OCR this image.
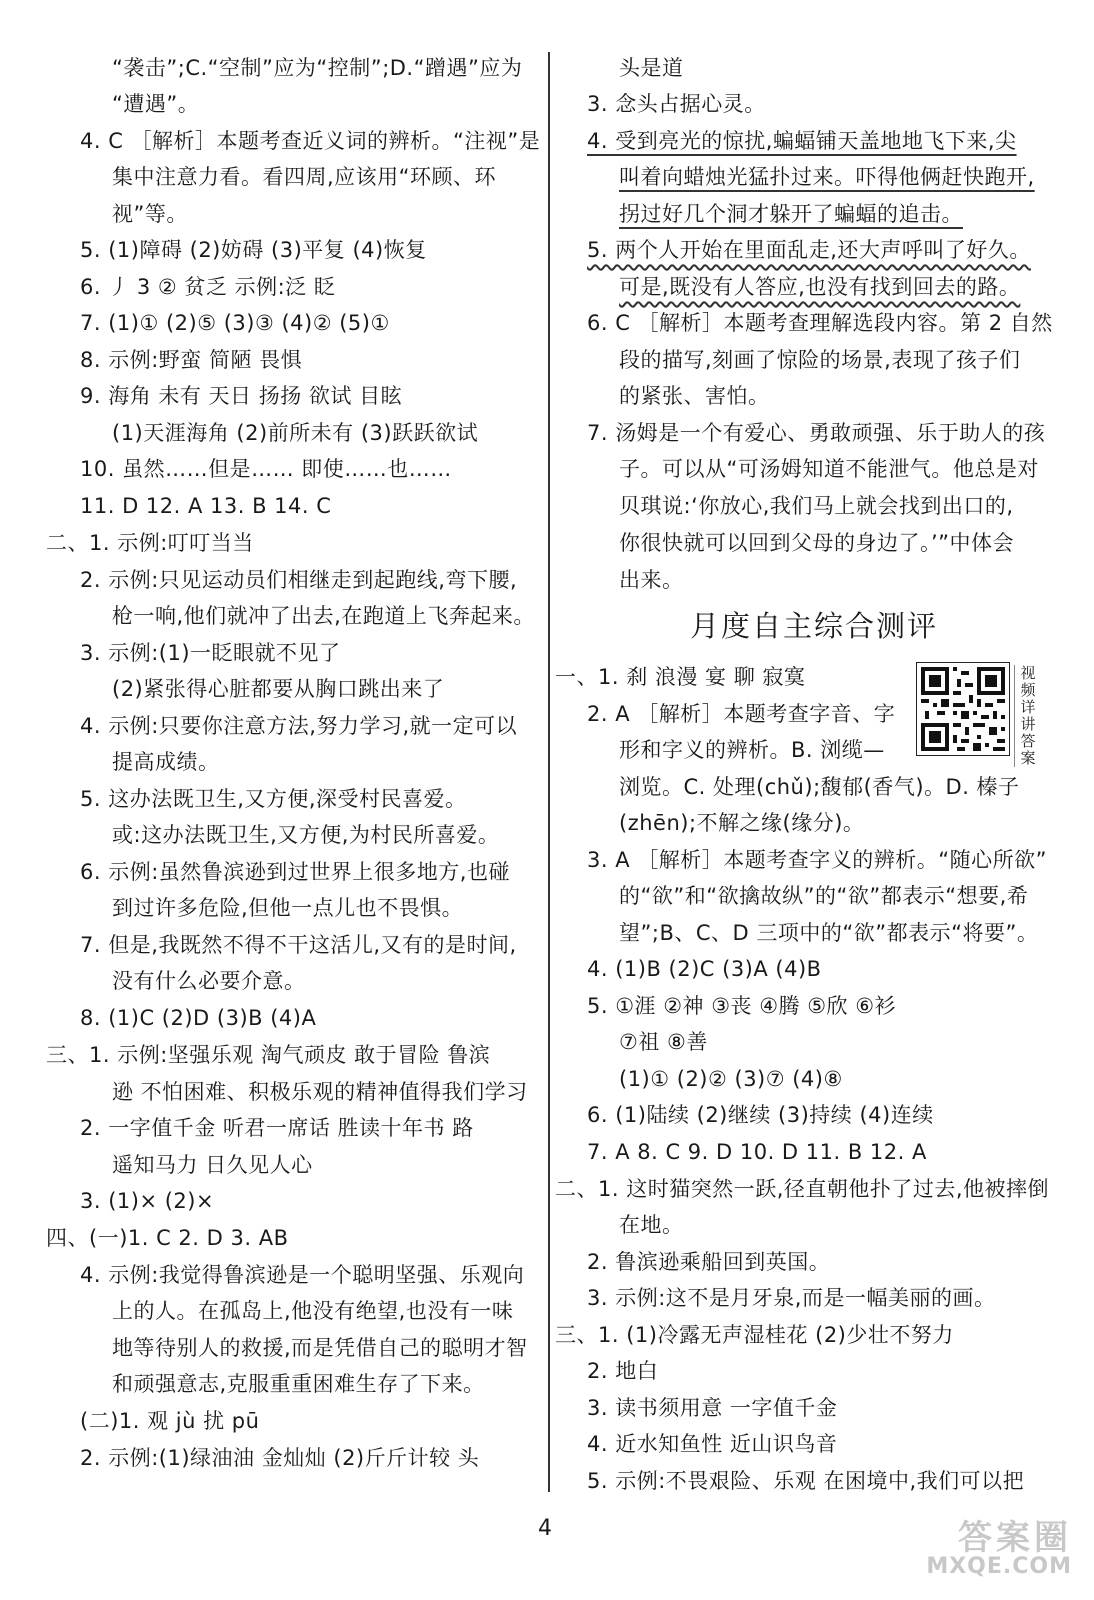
“袭击”;C.“空制”应为“控制”;D.“蹭遇”应为
“遭遇”。
4. C ［解析］本题考查近义词的辨析。“注视”是
集中注意力看。看四周,应该用“环顾、环
视”等。
5. (1)障碍 (2)妨碍 (3)平复 (4)恢复
6. 丿 3 ② 贫乏 示例:泛 眨
7. (1)① (2)⑤ (3)③ (4)② (5)①
8. 示例:野蛮 简陋 畏惧
9. 海角 未有 天日 扬扬 欲试 目眩
(1)天涯海角 (2)前所未有 (3)跃跃欲试
10. 虽然……但是…… 即使……也……
11. D 12. A 13. B 14. C
二、1. 示例:叮叮当当
2. 示例:只见运动员们相继走到起跑线,弯下腰,
枪一响,他们就冲了出去,在跑道上飞奔起来。
3. 示例:(1)一眨眼就不见了
(2)紧张得心脏都要从胸口跳出来了
4. 示例:只要你注意方法,努力学习,就一定可以
提高成绩。
5. 这办法既卫生,又方便,深受村民喜爱。
或:这办法既卫生,又方便,为村民所喜爱。
6. 示例:虽然鲁滨逊到过世界上很多地方,也碰
到过许多危险,但他一点儿也不畏惧。
7. 但是,我既然不得不干这活儿,又有的是时间,
没有什么必要介意。
8. (1)C (2)D (3)B (4)A
三、1. 示例:坚强乐观 淘气顽皮 敢于冒险 鲁滨
逊 不怕困难、积极乐观的精神值得我们学习
2. 一字值千金 听君一席话 胜读十年书 路
遥知马力 日久见人心
3. (1)× (2)×
四、(一)1. C 2. D 3. AB
4. 示例:我觉得鲁滨逊是一个聪明坚强、乐观向
上的人。在孤岛上,他没有绝望,也没有一味
地等待别人的救援,而是凭借自己的聪明才智
和顽强意志,克服重重困难生存了下来。
(二)1. 观 jù 扰 pū
2. 示例:(1)绿油油 金灿灿 (2)斤斤计较 头
头是道
3. 念头占据心灵。
4. 受到亮光的惊扰,蝙蝠铺天盖地地飞下来,尖
叫着向蜡烛光猛扑过来。吓得他俩赶快跑开,
拐过好几个洞才躲开了蝙蝠的追击。
5. 两个人开始在里面乱走,还大声呼叫了好久。
可是,既没有人答应,也没有找到回去的路。
6. C ［解析］本题考查理解选段内容。第 2 自然
段的描写,刻画了惊险的场景,表现了孩子们
的紧张、害怕。
7. 汤姆是一个有爱心、勇敢顽强、乐于助人的孩
子。可以从“可汤姆知道不能泄气。他总是对
贝琪说:‘你放心,我们马上就会找到出口的,
你很快就可以回到父母的身边了。’”中体会
出来。
一、1. 刹 浪漫 宴 聊 寂寞
2. A ［解析］本题考查字音、字
形和字义的辨析。B. 浏缆—
浏览。C. 处理(chǔ);馥郁(香气)。D. 榛子
(zhēn);不解之缘(缘分)。
3. A ［解析］本题考查字义的辨析。“随心所欲”
的“欲”和“欲擒故纵”的“欲”都表示“想要,希
望”;B、C、D 三项中的“欲”都表示“将要”。
4. (1)B (2)C (3)A (4)B
5. ①涯 ②神 ③丧 ④腾 ⑤欣 ⑥衫
⑦祖 ⑧善
(1)① (2)② (3)⑦ (4)⑧
6. (1)陆续 (2)继续 (3)持续 (4)连续
7. A 8. C 9. D 10. D 11. B 12. A
二、1. 这时猫突然一跃,径直朝他扑了过去,他被摔倒
在地。
2. 鲁滨逊乘船回到英国。
3. 示例:这不是月牙泉,而是一幅美丽的画。
三、1. (1)冷露无声湿桂花 (2)少壮不努力
2. 地白
3. 读书须用意 一字值千金
4. 近水知鱼性 近山识鸟音
5. 示例:不畏艰险、乐观 在困境中,我们可以把
月度自主综合测评
视频详讲答案
4	答案圈
MXQE.COM
